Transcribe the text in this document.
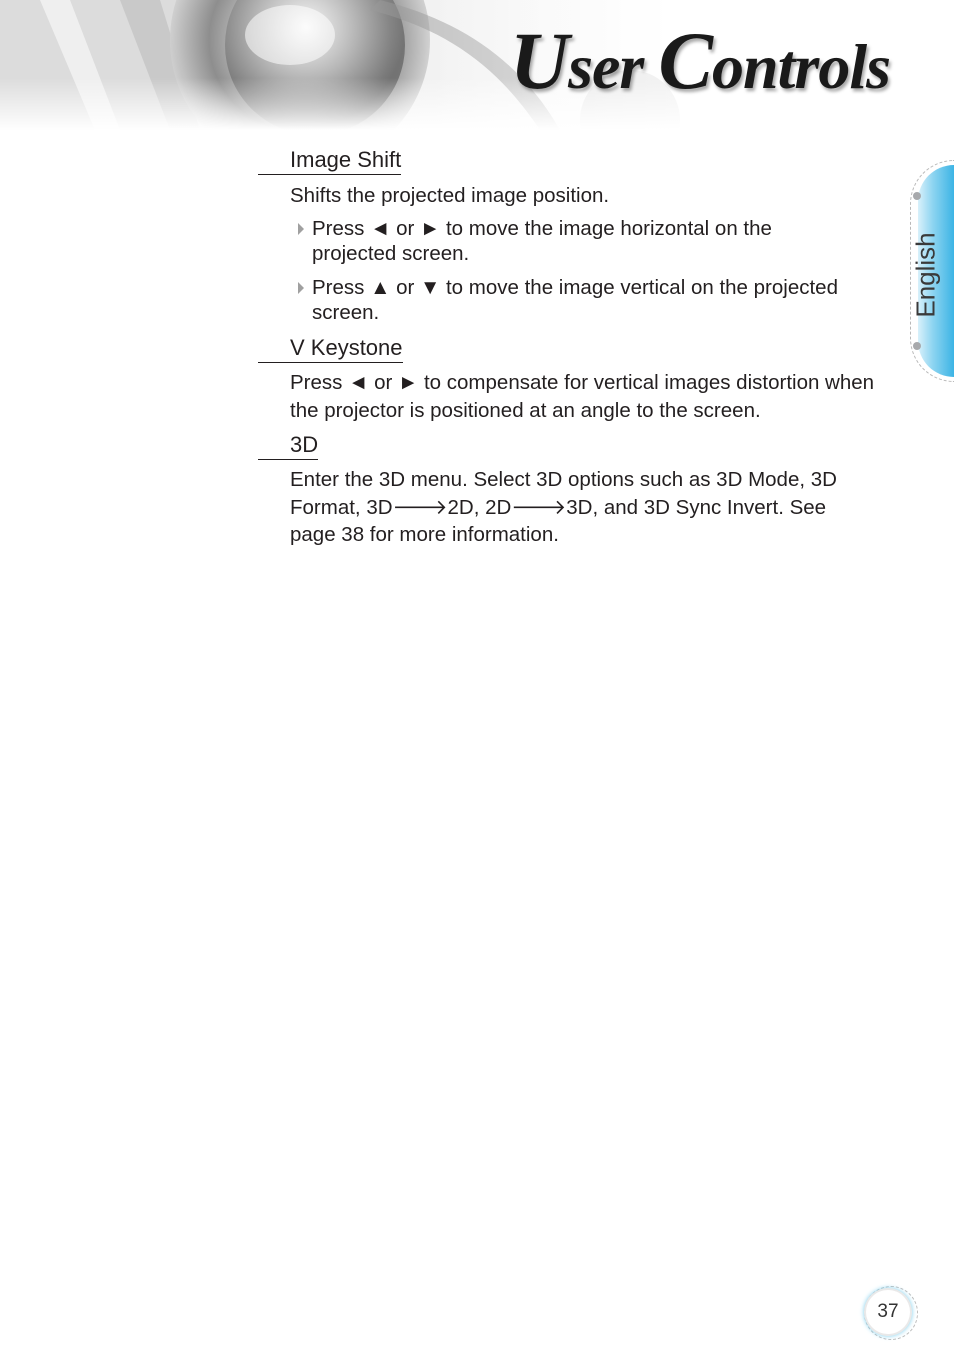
User Controls
English
Image Shift
Shifts the projected image position.
Press ◄ or ► to move the image horizontal on the projected screen.
Press ▲ or ▼ to move the image vertical on the projected screen.
V Keystone
Press ◄ or ► to compensate for vertical images distortion when the projector is positioned at an angle to the screen.
3D
Enter the 3D menu. Select 3D options such as 3D Mode, 3D Format, 3D🡒2D, 2D🡒3D, and 3D Sync Invert. See page 38 for more information.
37
